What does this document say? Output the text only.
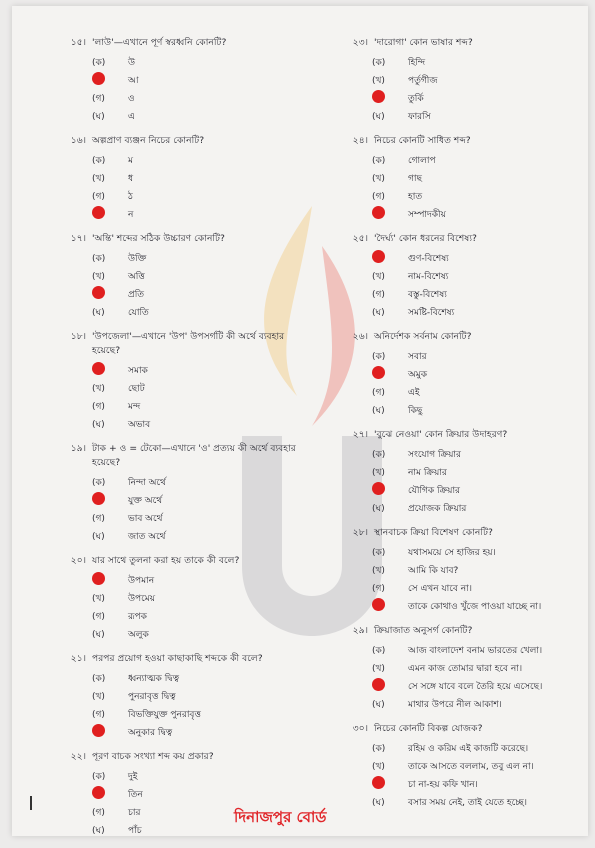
১৫। 'লাউ'—এখানে পূর্ণ স্বরধ্বনি কোনটি?
(ক)	উ
আ
(গ)	ও
(ঘ)	এ
১৬। অল্পপ্রাণ ব্যঞ্জন নিচের কোনটি?
(ক)	ম
(খ)	ধ
(গ)	ঠ
ন
১৭। 'অন্তি' শব্দের সঠিক উচ্চারণ কোনটি?
(ক)	উক্তি
(খ)	অত্তি
প্রতি
(ঘ)	যোতি
১৮। 'উপজেলা'—এখানে 'উপ' উপসর্গটি কী অর্থে ব্যবহার হয়েছে?
সমাক
(খ)	ছোট
(গ)	মন্দ
(ঘ)	অভাব
১৯। টাক + ও = টেকো—এখানে 'ও' প্রত্যয় কী অর্থে ব্যবহার হয়েছে?
(ক)	নিন্দা অর্থে
যুক্ত অর্থে
(গ)	ভাব অর্থে
(ঘ)	জাত অর্থে
২০। যার সাথে তুলনা করা হয় তাকে কী বলে?
উপমান
(খ)	উপমেয়
(গ)	রূপক
(ঘ)	অলুক
২১। পরপর প্রয়োগ হওয়া কাছাকাছি শব্দকে কী বলে?
(ক)	ধ্বন্যাত্মক দ্বিত্ব
(খ)	পুনরাবৃত্ত দ্বিত্ব
(গ)	বিভক্তিযুক্ত পুনরাবৃত্ত
অনুকার দ্বিত্ব
২২। পূরণ বাচক সংখ্যা শব্দ কয় প্রকার?
(ক)	দুই
তিন
(গ)	চার
(ঘ)	পাঁচ
২৩। 'দারোগা' কোন ভাষার শব্দ?
(ক)	হিন্দি
(খ)	পর্তুগীজ
তুর্কি
(ঘ)	ফারসি
২৪। নিচের কোনটি সাধিত শব্দ?
(ক)	গোলাপ
(খ)	গাছ
(গ)	হাত
সম্পাদকীয়
২৫। 'দৈর্ঘ্য' কোন ধরনের বিশেষ্য?
গুণ-বিশেষ্য
(খ)	নাম-বিশেষ্য
(গ)	বস্তু-বিশেষ্য
(ঘ)	সমষ্টি-বিশেষ্য
২৬। অনির্দেশক সর্বনাম কোনটি?
(ক)	সবার
অমুক
(গ)	এই
(ঘ)	কিছু
২৭। 'বুঝে নেওয়া' কোন ক্রিয়ার উদাহরণ?
(ক)	সংযোগ ক্রিয়ার
(খ)	নাম ক্রিয়ার
যৌগিক ক্রিয়ার
(ঘ)	প্রযোজক ক্রিয়ার
২৮। স্থানবাচক ক্রিয়া বিশেষণ কোনটি?
(ক)	যথাসময়ে সে হাজির হয়।
(খ)	আমি কি যাব?
(গ)	সে এখন যাবে না।
তাকে কোথাও খুঁজে পাওয়া যাচ্ছে না।
২৯। ক্রিয়াজাত অনুসর্গ কোনটি?
(ক)	আজ বাংলাদেশ বনাম ভারতের খেলা।
(খ)	এমন কাজ তোমার দ্বারা হবে না।
সে সঙ্গে যাবে বলে তৈরি হয়ে এসেছে।
(ঘ)	মাথার উপরে নীল আকাশ।
৩০। নিচের কোনটি বিকল্প যোজক?
(ক)	রহিম ও করিম এই কাজটি করেছে।
(খ)	তাকে আসতে বললাম, তবু এল না।
চা না-হয় কফি খান।
(ঘ)	বসার সময় নেই, তাই যেতে হচ্ছে।
দিনাজপুর বোর্ড
